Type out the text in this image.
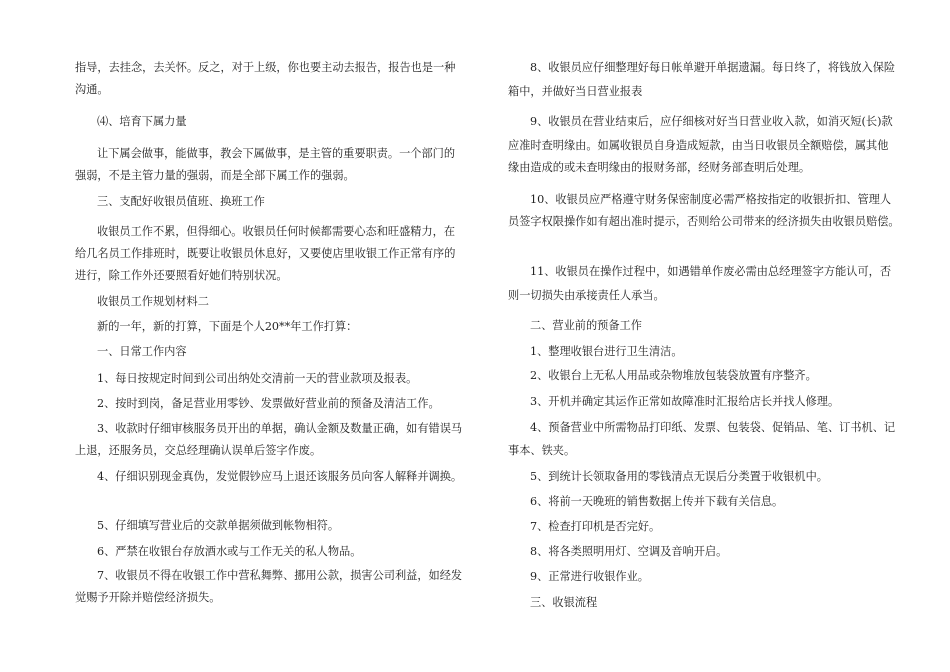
指导，去挂念，去关怀。反之，对于上级，你也要主动去报告，报告也是一种
沟通。
⑷、培育下属力量
让下属会做事，能做事，教会下属做事，是主管的重要职责。一个部门的
强弱，不是主管力量的强弱，而是全部下属工作的强弱。
三、支配好收银员值班、换班工作
收银员工作不累，但得细心。收银员任何时候都需要心态和旺盛精力，在
给几名员工作排班时，既要让收银员休息好，又要使店里收银工作正常有序的
进行，除工作外还要照看好她们特别状况。
收银员工作规划材料二
新的一年，新的打算，下面是个人20**年工作打算：
一、日常工作内容
1、每日按规定时间到公司出纳处交清前一天的营业款项及报表。
2、按时到岗，备足营业用零钞、发票做好营业前的预备及清洁工作。
3、收款时仔细审核服务员开出的单据，确认金额及数量正确，如有错误马
上退，还服务员，交总经理确认误单后签字作废。
4、仔细识别现金真伪，发觉假钞应马上退还该服务员向客人解释并调换。
5、仔细填写营业后的交款单据须做到帐物相符。
6、严禁在收银台存放酒水或与工作无关的私人物品。
7、收银员不得在收银工作中营私舞弊、挪用公款，损害公司利益，如经发
觉赐予开除并赔偿经济损失。
8、收银员应仔细整理好每日帐单避开单据遗漏。每日终了，将钱放入保险
箱中，并做好当日营业报表
9、收银员在营业结束后，应仔细核对好当日营业收入款，如消灭短(长)款
应准时查明缘由。如属收银员自身造成短款，由当日收银员全额赔偿，属其他
缘由造成的或未查明缘由的报财务部，经财务部查明后处理。
10、收银员应严格遵守财务保密制度必需严格按指定的收银折扣、管理人
员签字权限操作如有超出准时提示，否则给公司带来的经济损失由收银员赔偿。
11、收银员在操作过程中，如遇错单作废必需由总经理签字方能认可，否
则一切损失由承接责任人承当。
二、营业前的预备工作
1、整理收银台进行卫生清洁。
2、收银台上无私人用品或杂物堆放包装袋放置有序整齐。
3、开机并确定其运作正常如故障准时汇报给店长并找人修理。
4、预备营业中所需物品打印纸、发票、包装袋、促销品、笔、订书机、记
事本、铁夹。
5、到统计长领取备用的零钱清点无误后分类置于收银机中。
6、将前一天晚班的销售数据上传并下载有关信息。
7、检查打印机是否完好。
8、将各类照明用灯、空调及音响开启。
9、正常进行收银作业。
三、收银流程
